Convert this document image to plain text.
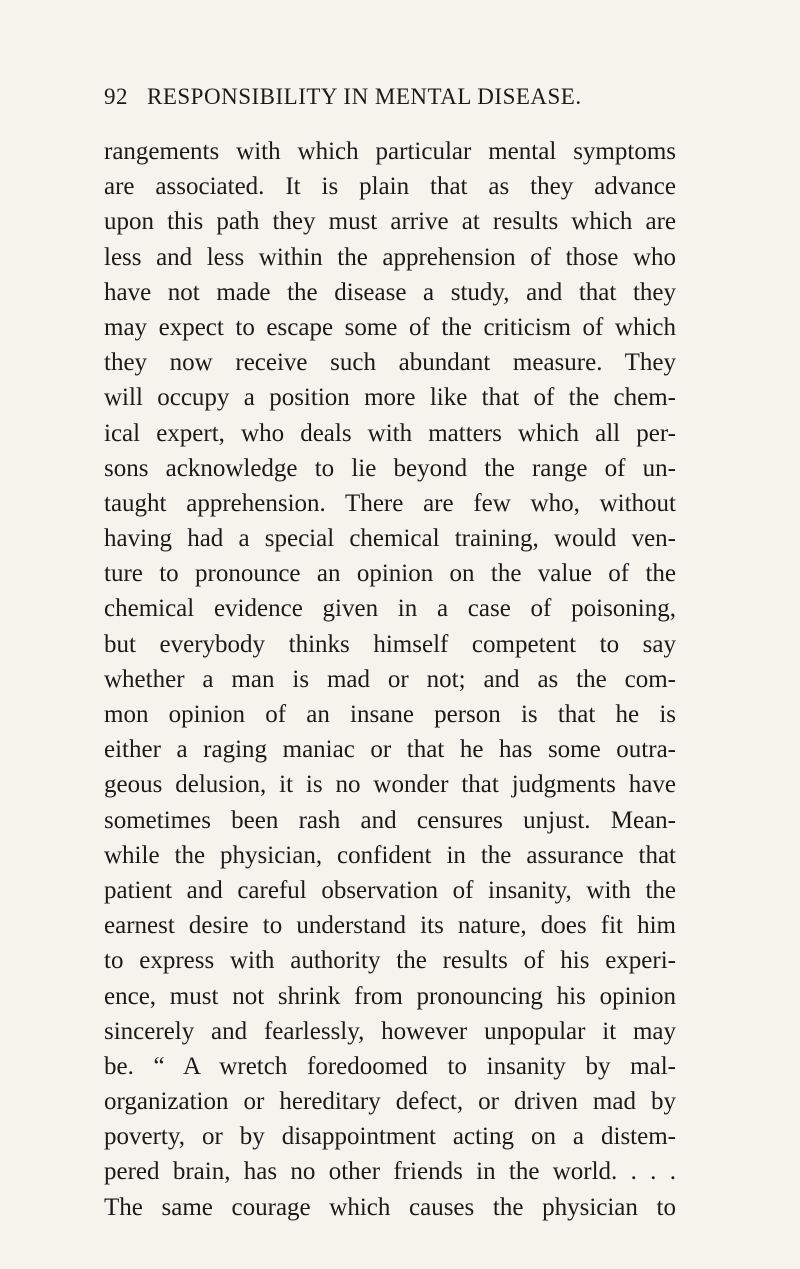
92 RESPONSIBILITY IN MENTAL DISEASE.
rangements with which particular mental symptoms
are associated. It is plain that as they advance
upon this path they must arrive at results which are
less and less within the apprehension of those who
have not made the disease a study, and that they
may expect to escape some of the criticism of which
they now receive such abundant measure. They
will occupy a position more like that of the chem-
ical expert, who deals with matters which all per-
sons acknowledge to lie beyond the range of un-
taught apprehension. There are few who, without
having had a special chemical training, would ven-
ture to pronounce an opinion on the value of the
chemical evidence given in a case of poisoning,
but everybody thinks himself competent to say
whether a man is mad or not; and as the com-
mon opinion of an insane person is that he is
either a raging maniac or that he has some outra-
geous delusion, it is no wonder that judgments have
sometimes been rash and censures unjust. Mean-
while the physician, confident in the assurance that
patient and careful observation of insanity, with the
earnest desire to understand its nature, does fit him
to express with authority the results of his experi-
ence, must not shrink from pronouncing his opinion
sincerely and fearlessly, however unpopular it may
be. “ A wretch foredoomed to insanity by mal-
organization or hereditary defect, or driven mad by
poverty, or by disappointment acting on a distem-
pered brain, has no other friends in the world. . . .
The same courage which causes the physician to
